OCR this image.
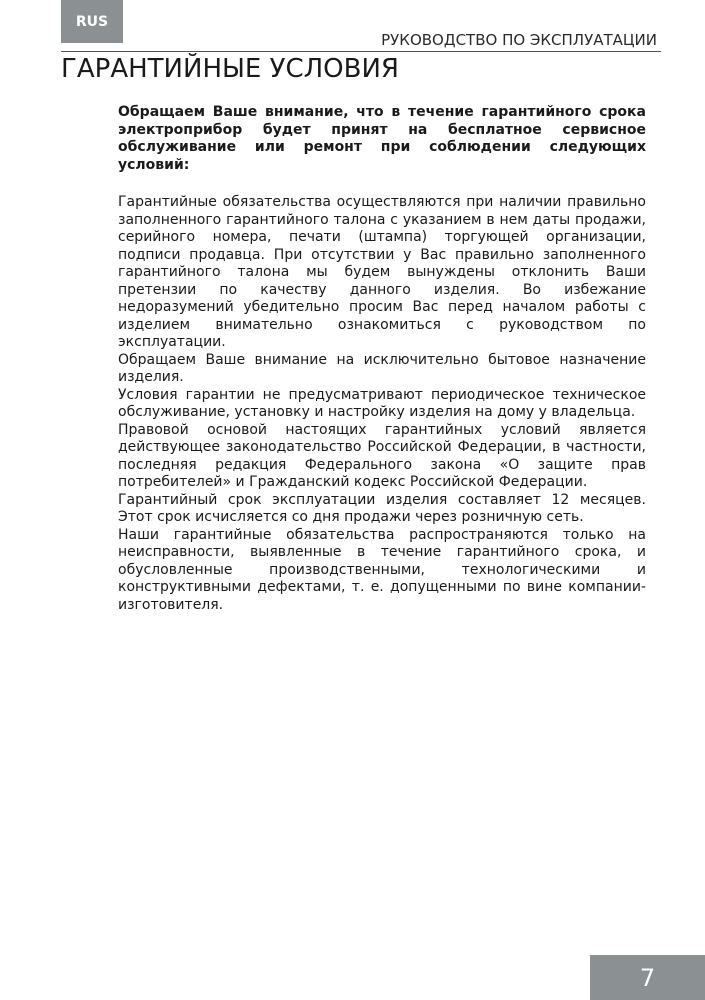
RUS
РУКОВОДСТВО ПО ЭКСПЛУАТАЦИИ
ГАРАНТИЙНЫЕ УСЛОВИЯ

Обращаем Ваше внимание, что в течение гарантийного срока электроприбор будет принят на бесплатное сервисное обслуживание или ремонт при соблюдении следующих условий:

Гарантийные обязательства осуществляются при наличии правильно заполненного гарантийного талона с указанием в нем даты продажи, серийного номера, печати (штампа) торгующей организации, подписи продавца. При отсутствии у Вас правильно заполненного гарантийного талона мы будем вынуждены отклонить Ваши претензии по качеству данного изделия. Во избежание недоразумений убедительно просим Вас перед началом работы с изделием внимательно ознакомиться с руководством по эксплуатации.

Обращаем Ваше внимание на исключительно бытовое назначение изделия.

Условия гарантии не предусматривают периодическое техническое обслуживание, установку и настройку изделия на дому у владельца.

Правовой основой настоящих гарантийных условий является действующее законодательство Российской Федерации, в частности, последняя редакция Федерального закона «О защите прав потребителей» и Гражданский кодекс Российской Федерации.

Гарантийный срок эксплуатации изделия составляет 12 месяцев. Этот срок исчисляется со дня продажи через розничную сеть.

Наши гарантийные обязательства распространяются только на неисправности, выявленные в течение гарантийного срока, и обусловленные производственными, технологическими и конструктивными дефектами, т. е. допущенными по вине компании-изготовителя.

7
